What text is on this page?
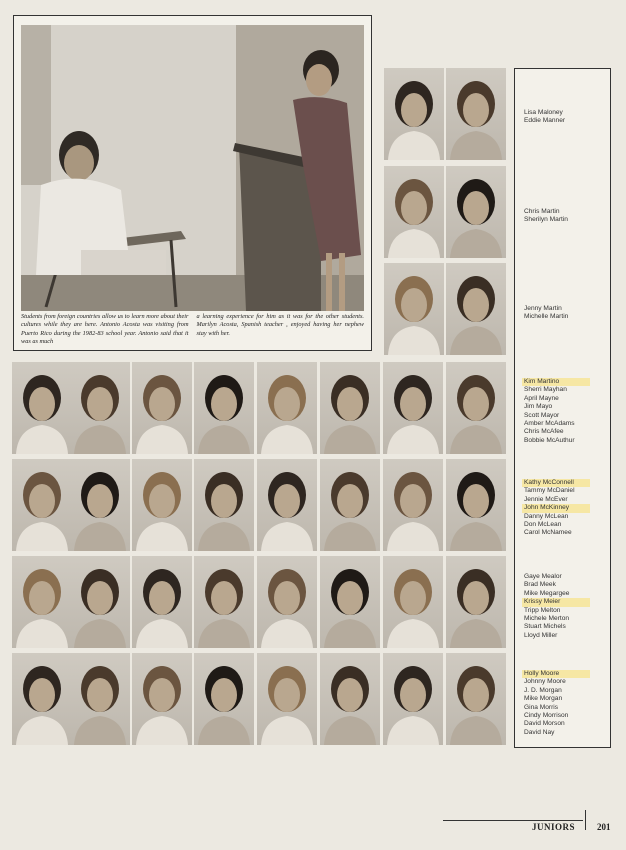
Students from foreign countries allow us to learn more about their cultures while they are here. Antonio Acosta was visiting from Puerto Rico during the 1982-83 school year. Antonio said that it was as much

a learning experience for him as it was for the other students. Marilyn Acosta, Spanish teacher , enjoyed having her nephew stay with her.

Lisa Maloney
Eddie Manner
Chris Martin
Sherilyn Martin
Jenny Martin
Michelle Martin
Kim Martino
Sherri Mayhan
April Mayne
Jim Mayo
Scott Mayor
Amber McAdams
Chris McAfee
Bobbie McAuthur
Kathy McConnell
Tammy McDaniel
Jennie McEver
John McKinney
Danny McLean
Don McLean
Carol McNamee
Gaye Mealor
Brad Meek
Mike Megargee
Krissy Meier
Tripp Melton
Michele Merton
Stuart Michels
Lloyd Miller
Holly Moore
Johnny Moore
J. D. Morgan
Mike Morgan
Gina Morris
Cindy Morrison
David Morson
David Nay
JUNIORS 201
